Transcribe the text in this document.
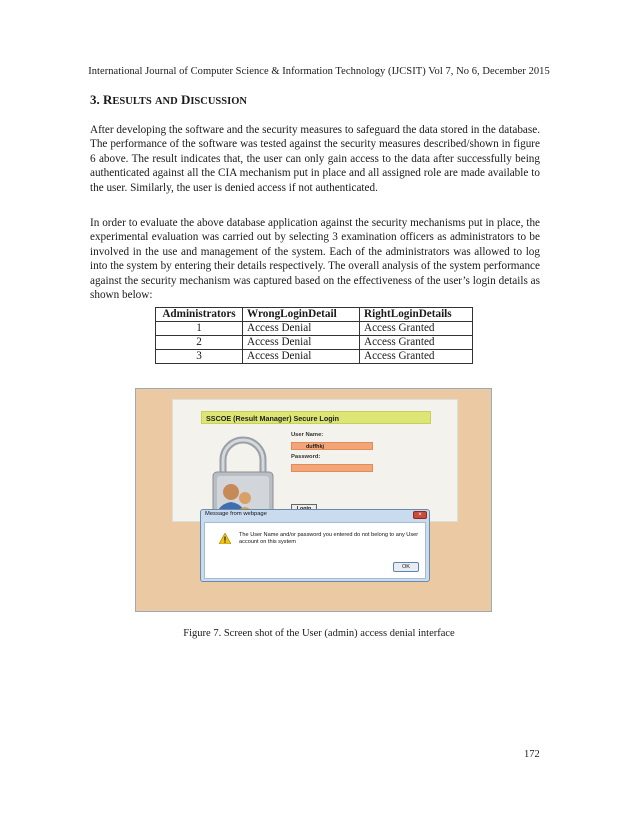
International Journal of Computer Science & Information Technology (IJCSIT) Vol 7, No 6, December 2015
3. RESULTS AND DISCUSSION

After developing the software and the security measures to safeguard the data stored in the database. The performance of the software was tested against the security measures described/shown in figure 6 above. The result indicates that, the user can only gain access to the data after successfully being authenticated against all the CIA mechanism put in place and all assigned role are made available to the user. Similarly, the user is denied access if not authenticated.

In order to evaluate the above database application against the security mechanisms put in place, the experimental evaluation was carried out by selecting 3 examination officers as administrators to be involved in the use and management of the system. Each of the administrators was allowed to log into the system by entering their details respectively. The overall analysis of the system performance against the security mechanism was captured based on the effectiveness of the user’s login details as shown below:

Administrators	WrongLoginDetail	RightLoginDetails
1	Access Denial	Access Granted
2	Access Denial	Access Granted
3	Access Denial	Access Granted
SSCOE (Result Manager) Secure Login
User Name:
duffhkj
Password:
Message from webpage	×
The User Name and/or password you entered do not belong to any User account on this system
OK
Figure 7. Screen shot of the User (admin) access denial interface
172
